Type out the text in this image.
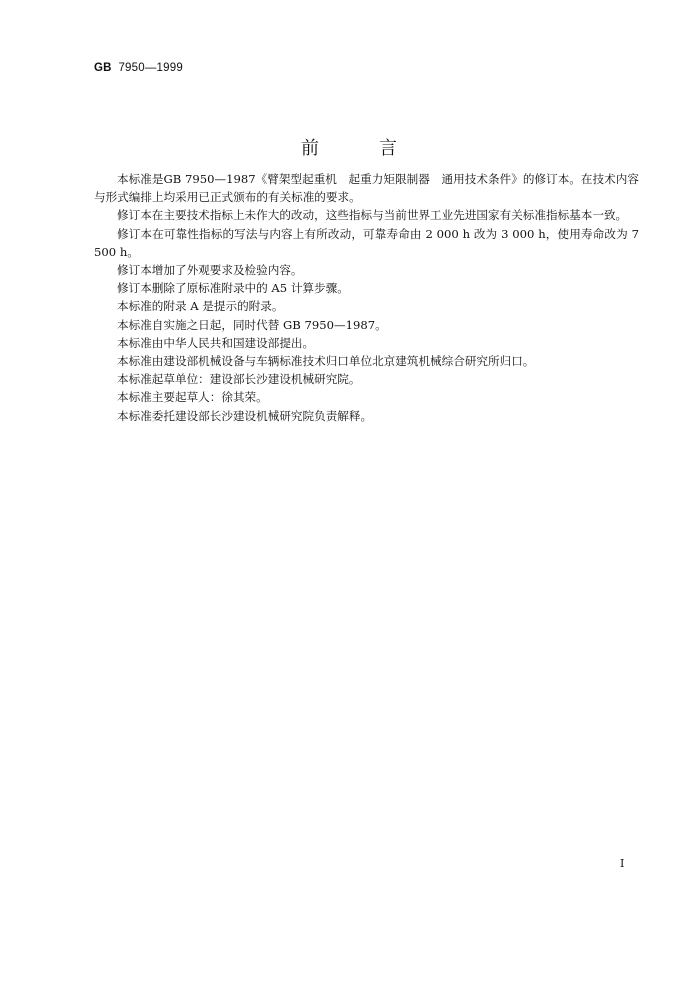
GB 7950—1999
前	言

本标准是GB 7950—1987《臂架型起重机　起重力矩限制器　通用技术条件》的修订本。在技术内容与形式编排上均采用已正式颁布的有关标准的要求。

修订本在主要技术指标上未作大的改动，这些指标与当前世界工业先进国家有关标准指标基本一致。

修订本在可靠性指标的写法与内容上有所改动，可靠寿命由 2 000 h 改为 3 000 h，使用寿命改为 7 500 h。

修订本增加了外观要求及检验内容。

修订本删除了原标准附录中的 A5 计算步骤。

本标准的附录 A 是提示的附录。

本标准自实施之日起，同时代替 GB 7950—1987。

本标准由中华人民共和国建设部提出。

本标准由建设部机械设备与车辆标准技术归口单位北京建筑机械综合研究所归口。

本标准起草单位：建设部长沙建设机械研究院。

本标准主要起草人：徐其荣。

本标准委托建设部长沙建设机械研究院负责解释。

I
